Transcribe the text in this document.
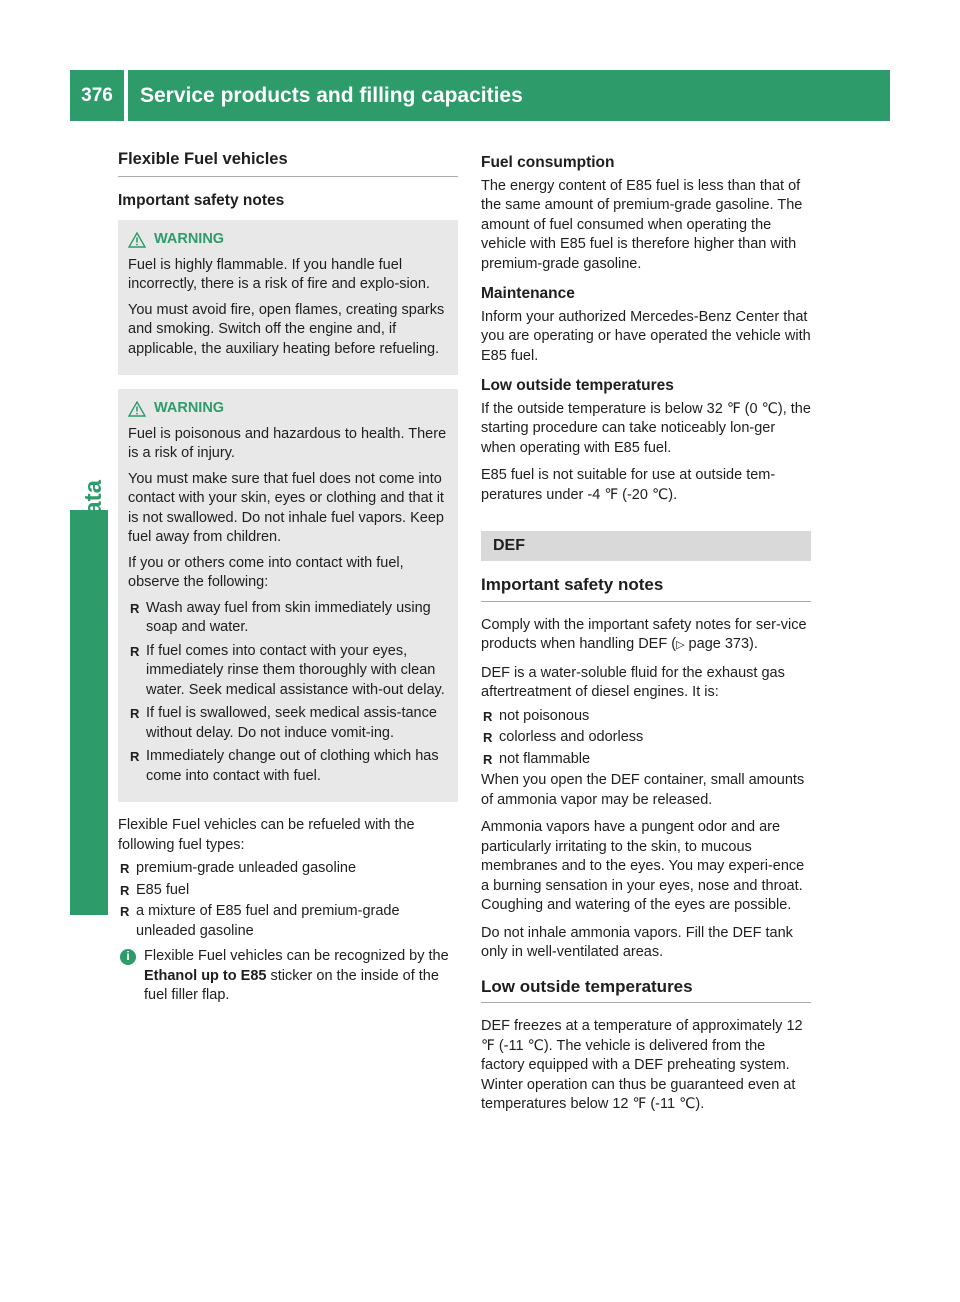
376	Service products and filling capacities
Technical data
Flexible Fuel vehicles
Important safety notes
WARNING

Fuel is highly flammable. If you handle fuel incorrectly, there is a risk of fire and explo-sion.

You must avoid fire, open flames, creating sparks and smoking. Switch off the engine and, if applicable, the auxiliary heating before refueling.

WARNING

Fuel is poisonous and hazardous to health. There is a risk of injury.

You must make sure that fuel does not come into contact with your skin, eyes or clothing and that it is not swallowed. Do not inhale fuel vapors. Keep fuel away from children.

If you or others come into contact with fuel, observe the following:

R Wash away fuel from skin immediately using soap and water.
R If fuel comes into contact with your eyes, immediately rinse them thoroughly with clean water. Seek medical assistance with-out delay.
R If fuel is swallowed, seek medical assis-tance without delay. Do not induce vomit-ing.
R Immediately change out of clothing which has come into contact with fuel.

Flexible Fuel vehicles can be refueled with the following fuel types:

R premium-grade unleaded gasoline
R E85 fuel
R a mixture of E85 fuel and premium-grade unleaded gasoline
i Flexible Fuel vehicles can be recognized by the Ethanol up to E85 sticker on the inside of the fuel filler flap.
Fuel consumption

The energy content of E85 fuel is less than that of the same amount of premium-grade gasoline. The amount of fuel consumed when operating the vehicle with E85 fuel is therefore higher than with premium-grade gasoline.

Maintenance

Inform your authorized Mercedes-Benz Center that you are operating or have operated the vehicle with E85 fuel.

Low outside temperatures

If the outside temperature is below 32 ℉ (0 ℃), the starting procedure can take noticeably lon-ger when operating with E85 fuel.

E85 fuel is not suitable for use at outside tem-peratures under -4 ℉ (-20 ℃).

DEF
Important safety notes

Comply with the important safety notes for ser-vice products when handling DEF (▷ page 373).

DEF is a water-soluble fluid for the exhaust gas aftertreatment of diesel engines. It is:

R not poisonous
R colorless and odorless
R not flammable

When you open the DEF container, small amounts of ammonia vapor may be released.

Ammonia vapors have a pungent odor and are particularly irritating to the skin, to mucous membranes and to the eyes. You may experi-ence a burning sensation in your eyes, nose and throat. Coughing and watering of the eyes are possible.

Do not inhale ammonia vapors. Fill the DEF tank only in well-ventilated areas.

Low outside temperatures

DEF freezes at a temperature of approximately 12 ℉ (-11 ℃). The vehicle is delivered from the factory equipped with a DEF preheating system. Winter operation can thus be guaranteed even at temperatures below 12 ℉ (-11 ℃).
